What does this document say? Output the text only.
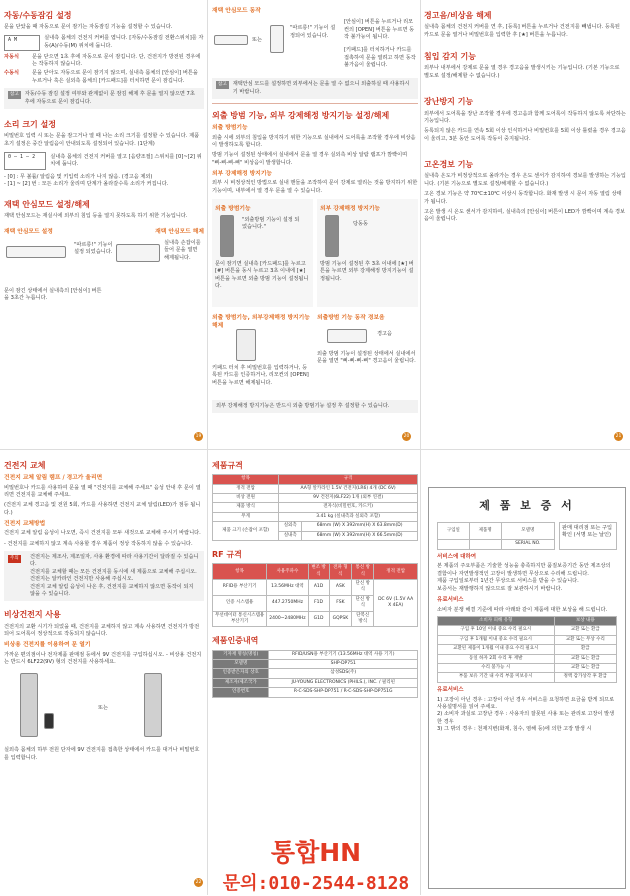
자동/수동잠김 설정
문을 닫았을 때 자동으로 문이 잠기는 자동잠김 기능을 설정할 수 있습니다.
A M	실내측 몸체의 건전지 커버를 엽니다. [자동/수동잠김 전환스위치]를 자동(A)/수동(M) 위치에 둡니다.
자동식	문을 닫으면 1초 후에 자동으로 문이 잠깁니다. 단, 건전지가 방전된 경우에는 작동하지 않습니다.
수동식	문을 닫아도 자동으로 문이 잠기지 않으며, 실내측 몸체의 [안심이] 버튼을 누르거나 혹은 실외측 몸체의 [카드패드]를 터치하면 문이 잠깁니다.
참고	자동/수동 잠김 설정 여부와 관계없이 문 잠김 해제 후 문을 열지 않으면 7초 후에 자동으로 문이 잠깁니다.
소리 크기 설정
비밀번호 입력 시 또는 문을 잠그거나 열 때 나는 소리 크기를 설정할 수 있습니다. 제품 초기 설정은 중간 알림음이 안내되도록 설정되어 있습니다. (1단계)
0 — 1 — 2	실내측 몸체의 건전지 커버를 열고 [음량조절] 스위치를 [0]~[2] 위치에 둡니다.
- [0] : 무 볼륨/ 알림음 및 키입력 소리가 나지 않음. (경고음 제외)
- [1] ~ [2] 번 : 모든 소리가 울리며 단계가 올라갈수록 소리가 커집니다.
재택 안심모드 설정/해제
재택 안심모드는 재실시에 외부의 침입 등을 열지 못하도록 하기 위한 기능입니다.
재택 안심모드 설정	재택 안심모드 해제
"따르릉!" 기능이 설정 되었습니다.
실내측 손잡이를 들어 문을 열면 해제됩니다.
문이 잠긴 상태에서 실내측의 [안심이] 버튼을 3초간 누릅니다.
19
재택 안심모드 동작
또는
"따르릉!" 기능이 설정되어 있습니다.
[안심이] 버튼을 누르거나 리모컨의 [OPEN] 버튼을 누르면 동작 불가능이 됩니다.
[키패드]를 터치하거나 카드를 접촉하여 문을 열려고 하면 동작 불가음이 울립니다.
참고	재택안심 모드를 설정하면 외부에서는 문을 열 수 없으니 외출하실 때 사용하시기 바랍니다.
외출 방범 기능, 외부 강제해정 방지기능 설정/해제
외출 방범기능
외출 시에 외부의 침입을 방지하기 위한 기능으로 실내에서 도어록을 조작할 경우에 비상음이 발생하도록 합니다.
방범 기능이 설정된 상태에서 실내에서 문을 열 경우 실외측 비상 알람 램프가 깜빡이며 "삐-삐-삐-삐" 비상음이 발생합니다.
외부 강제해정 방지기능
외부 시 비정상적인 방법으로 실내 핸들을 조작하여 문이 강제로 열리는 것을 방지하기 위한 기능이며, 내부에서 열 경우 문을 열 수 있습니다.
외출 방범기능
"외출방범 기능이 설정 되었습니다."
문이 잠기면 실내측 [카드패드]를 누르고 [#] 버튼을 동시 누르고 3초 이내에 [★] 버튼을 누르면 외출 방범 기능이 설정됩니다.
외부 강제해정 방지기능
당동동
방범 기능이 설정된 후 3초 이내에 [★] 버튼을 누르면 외부 강제해정 방지기능이 설정됩니다.
외출 방범기능, 외부강제해정 방지기능 해제
키패드 터치 후 비밀번호를 입력하거나, 등록된 카드를 인증하거나, 리모컨의 [OPEN] 버튼을 누르면 해제됩니다.
외출방범 기능 동작 경보음
경고음
외출 방범 기능이 설정된 상태에서 실내에서 문을 열면 "삐-삐-삐-삐" 경고음이 울립니다.
외부 강제해정 방지기능은 반드시 외출 방범기능 설정 후 설정할 수 있습니다.
20
경고음/비상음 해제
실내측 몸체의 건전지 커버를 연 후, [등록] 버튼을 누르거나 건전지를 빼냅니다. 등록된 카드로 문을 열거나 비밀번호를 입력한 후 [★] 버튼을 누릅니다.
침입 감지 기능
외부나 내부에서 강제로 문을 열 경우 경고음을 발생시키는 기능입니다. (기본 기능으로 별도로 설정/해제할 수 없습니다.)
장난방지 기능
외부에서 도어록을 장난 조작할 경우에 경고음과 함께 도어록이 작동하지 않도록 차단하는 기능입니다.
등록되지 않은 카드를 연속 5회 이상 인식하거나 비밀번호를 5회 이상 틀렸을 경우 경고음이 울리고, 3분 동안 도어록 작동이 중지됩니다.
고온경보 기능
실내측 온도가 비정상적으로 올라가는 경우 온도 센서가 감지하여 경보를 발생하는 기능입니다. (기본 기능으로 별도로 설정/해제할 수 없습니다.)
고온 경보 기능은 약 70℃±10℃ 이상시 동작합니다. 화재 발생 시 문이 자동 열림 상태가 됩니다.
고온 발생 시 온도 센서가 감지하여, 실내측의 [안심이] 버튼이 LED가 깜빡이며 계속 경보음이 울립니다.
21
건전지 교체
건전지 교체 알림 램프 / 경고가 울리면
비밀번호나 카드를 사용하여 문을 열 때 "건전지를 교체해 주세요" 음성 안내 후 문이 열리면 건전지를 교체해 주세요.
(건전지 교체 경고음 및 전원 5회, 카드를 사용하면 건전지 교체 알림(LED)가 점등 됩니다.)
건전지 교체방법
건전지 교체 알림 음성이 나오면, 즉시 건전지를 모두 새것으로 교체해 주시기 바랍니다.
- 건전지를 교체하지 않고 계속 사용할 경우 제품이 정상 작동하지 않을 수 있습니다.
주의	건전지는 제조사, 제조일자, 사용 환경에 따라 사용기간이 달라질 수 있습니다.
건전지를 교체할 때는 모든 건전지를 동시에 새 제품으로 교체해 주십시오.
건전지는 알카라인 건전지만 사용해 주십시오.
건전지 교체 알림 음성이 나온 후, 건전지를 교체하지 않으면 동작이 되지 않을 수 있습니다.
비상건전지 사용
건전지의 교환 시기가 되었을 때, 건전지를 교체하지 않고 계속 사용하면 건전지가 방전되어 도어록이 정상적으로 작동되지 않습니다.
비상용 건전지를 이용하여 문 열기
가까운 편의점이나 전자제품 판매점 등에서 9V 건전지를 구입하십시오. - 비상용 건전지는 반드시 6LF22(9V) 형의 건전지를 사용하세요.
또는
실외측 몸체의 하부 전원 단자에 9V 건전지를 접촉한 상태에서 카드를 대거나 비밀번호를 입력합니다.
22
제품규격
항목	규격	
정격 전압	AA형 알카라인 1.5V 건전지(LR6) 4개 (DC 6V)	
비상 전원	9V 건전지(6LF22) 1개 (외부 연결)	
제품 방식	전자식(비밀번호, 카드키)	
무게	3.41 kg (실내측과 실외측 포함)	
제품 크기 (손잡이 포함)	실외측	68mm (W) X 392mm(H) X 63.8mm(D)
	실내측	68mm (W) X 392mm(H) X 66.5mm(D)
RF 규격
항목	사용주파수	변조 방식	전파 형식	통신 방식	정격 전압
RFID용 부산기기	13.56MHz 대역	A1D	ASK	단신 방식	DC 6V (1.5V AA X 4EA)
인증 시스템용	447.2750MHz	F1D	FSK	단신 방식	
무선데이터 통신시스템용 부산기기	2400~2480MHz	G1D	GQPSK	단복신 방식	
제품인증내역
기자재 명칭(명칭)	RFID/USN용 부산기기 (13.56MHz 대역 사용 기기)
모델명	SHP-DP751
인증받은자의 상호	삼성SDS(주)
제조자/제조국가	JU-YOUNG ELECTRONICS (PHILS.), INC. / 필리핀
인증번호	R-C-SDS-SHP-DP751 / R-C-SDS-SHP-DP751G
제 품 보 증 서
구입일	제품명	모델명
		SERIAL NO.
판매 대리점 또는 구입 확인 (서명 또는 날인)
서비스에 대하여
본 제품의 주요부품은 기술한 성능을 충족하지만 품질보증기간 동안 제조상의 결함이나 자연발생적인 고장이 발생하면 무상으로 수리해 드립니다.
제품 구입일로부터 1년간 무상으로 서비스를 받을 수 있습니다.
보증서는 재발행하지 않으므로 잘 보관하시기 바랍니다.
유료서비스
소비자 분쟁 해결 기준에 따라 아래와 같이 제품에 대한 보상을 해 드립니다.
소비자 피해 유형	보상 내용
구입 후 10일 이내 중요 수리 필요시	교환 또는 환급
구입 후 1개월 이내 중요 수리 필요시	교환 또는 무상 수리
교환된 제품이 1개월 이내 중요 수리 필요시	환급
동일 하자 2회 수리 후 재발	교환 또는 환급
수리 불가능 시	교환 또는 환급
부품 보유 기간 내 수리 부품 미보유시	정액 감가상각 후 환급
유료서비스
1) 고장이 아닌 경우 : 고장이 아닌 경우 서비스를 요청하면 요금을 받게 되므로 사용설명서를 읽어 주세요.
2) 소비자 과실로 고장난 경우 : 사용자의 잘못된 사용 또는 관리로 고장이 발생한 경우
3) 그 밖의 경우 : 천재지변(화재, 침수, 염해 등)에 의한 고장 발생 시
통합HN
문의:010-2544-8128
